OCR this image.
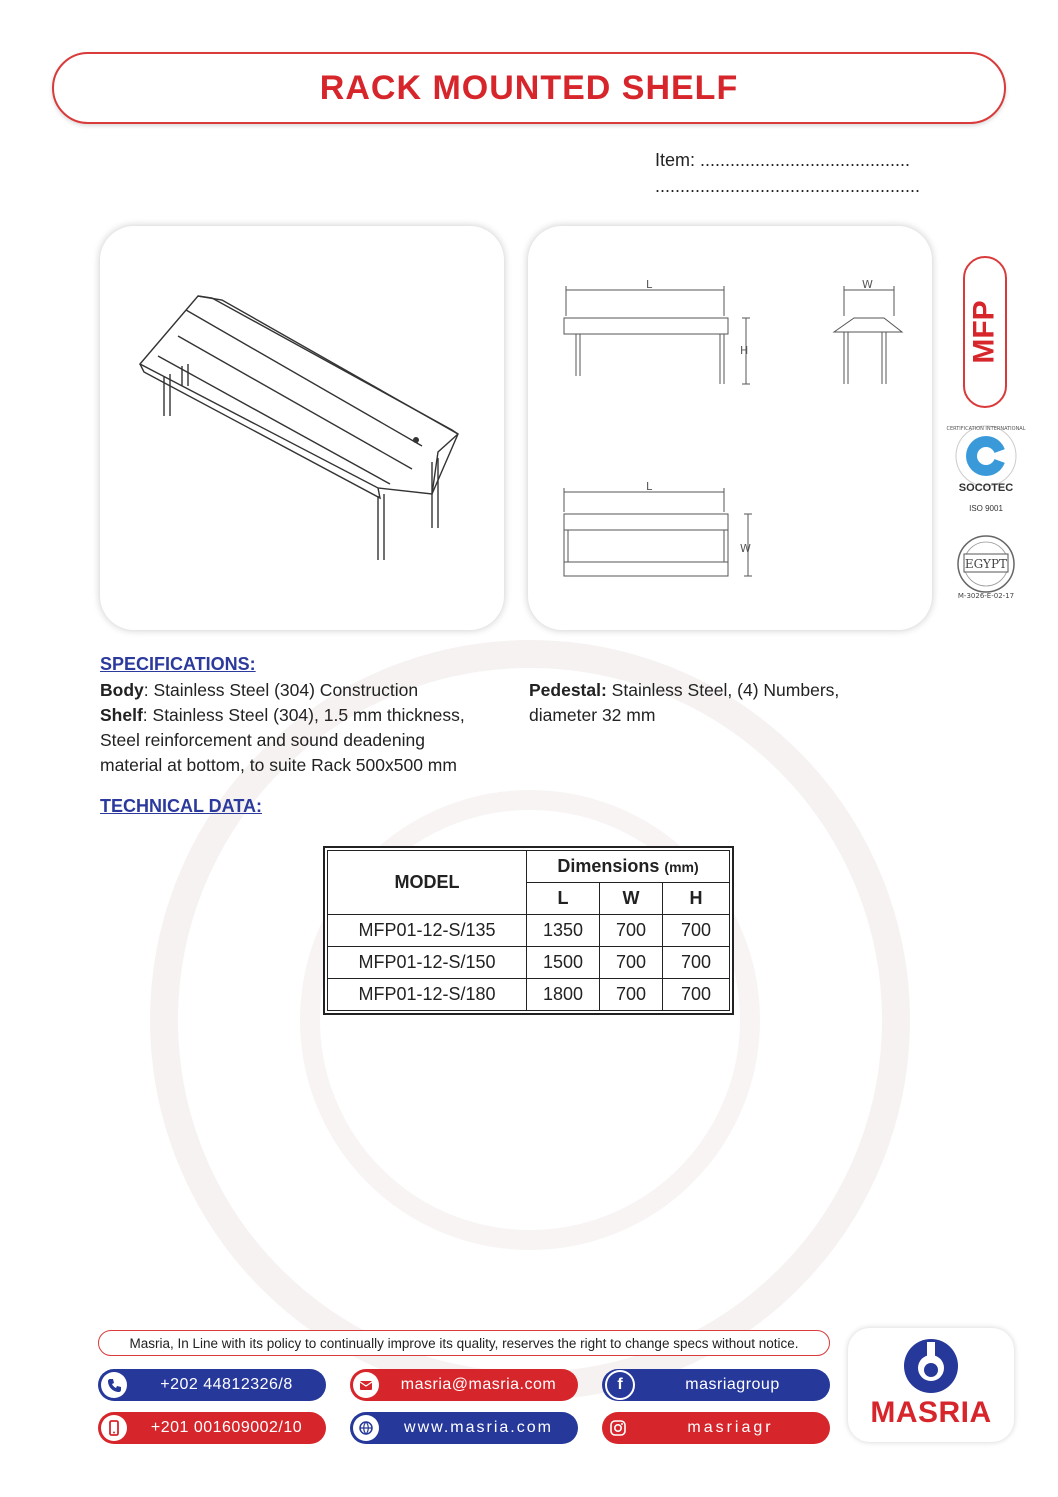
RACK MOUNTED SHELF
Item: ..........................................
.....................................................
L
H
W
L
W
MFP
CERTIFICATION INTERNATIONAL
SOCOTEC
ISO 9001
EGYPT
M-3026-E-02-17
SPECIFICATIONS:
Body: Stainless Steel (304) Construction
Shelf: Stainless Steel (304), 1.5 mm thickness,
Steel reinforcement and sound deadening
material at bottom, to suite Rack 500x500 mm
Pedestal: Stainless Steel, (4) Numbers,
diameter 32 mm
TECHNICAL DATA:
MODEL	Dimensions (mm)		
	L	W	H
MFP01-12-S/135	1350	700	700
MFP01-12-S/150	1500	700	700
MFP01-12-S/180	1800	700	700
Masria, In Line with its policy to continually improve its quality, reserves the right to change specs without notice.
+202 44812326/8
+201 001609002/10
masria@masria.com
www.masria.com
f	masriagroup
masriagr	MASRIA
